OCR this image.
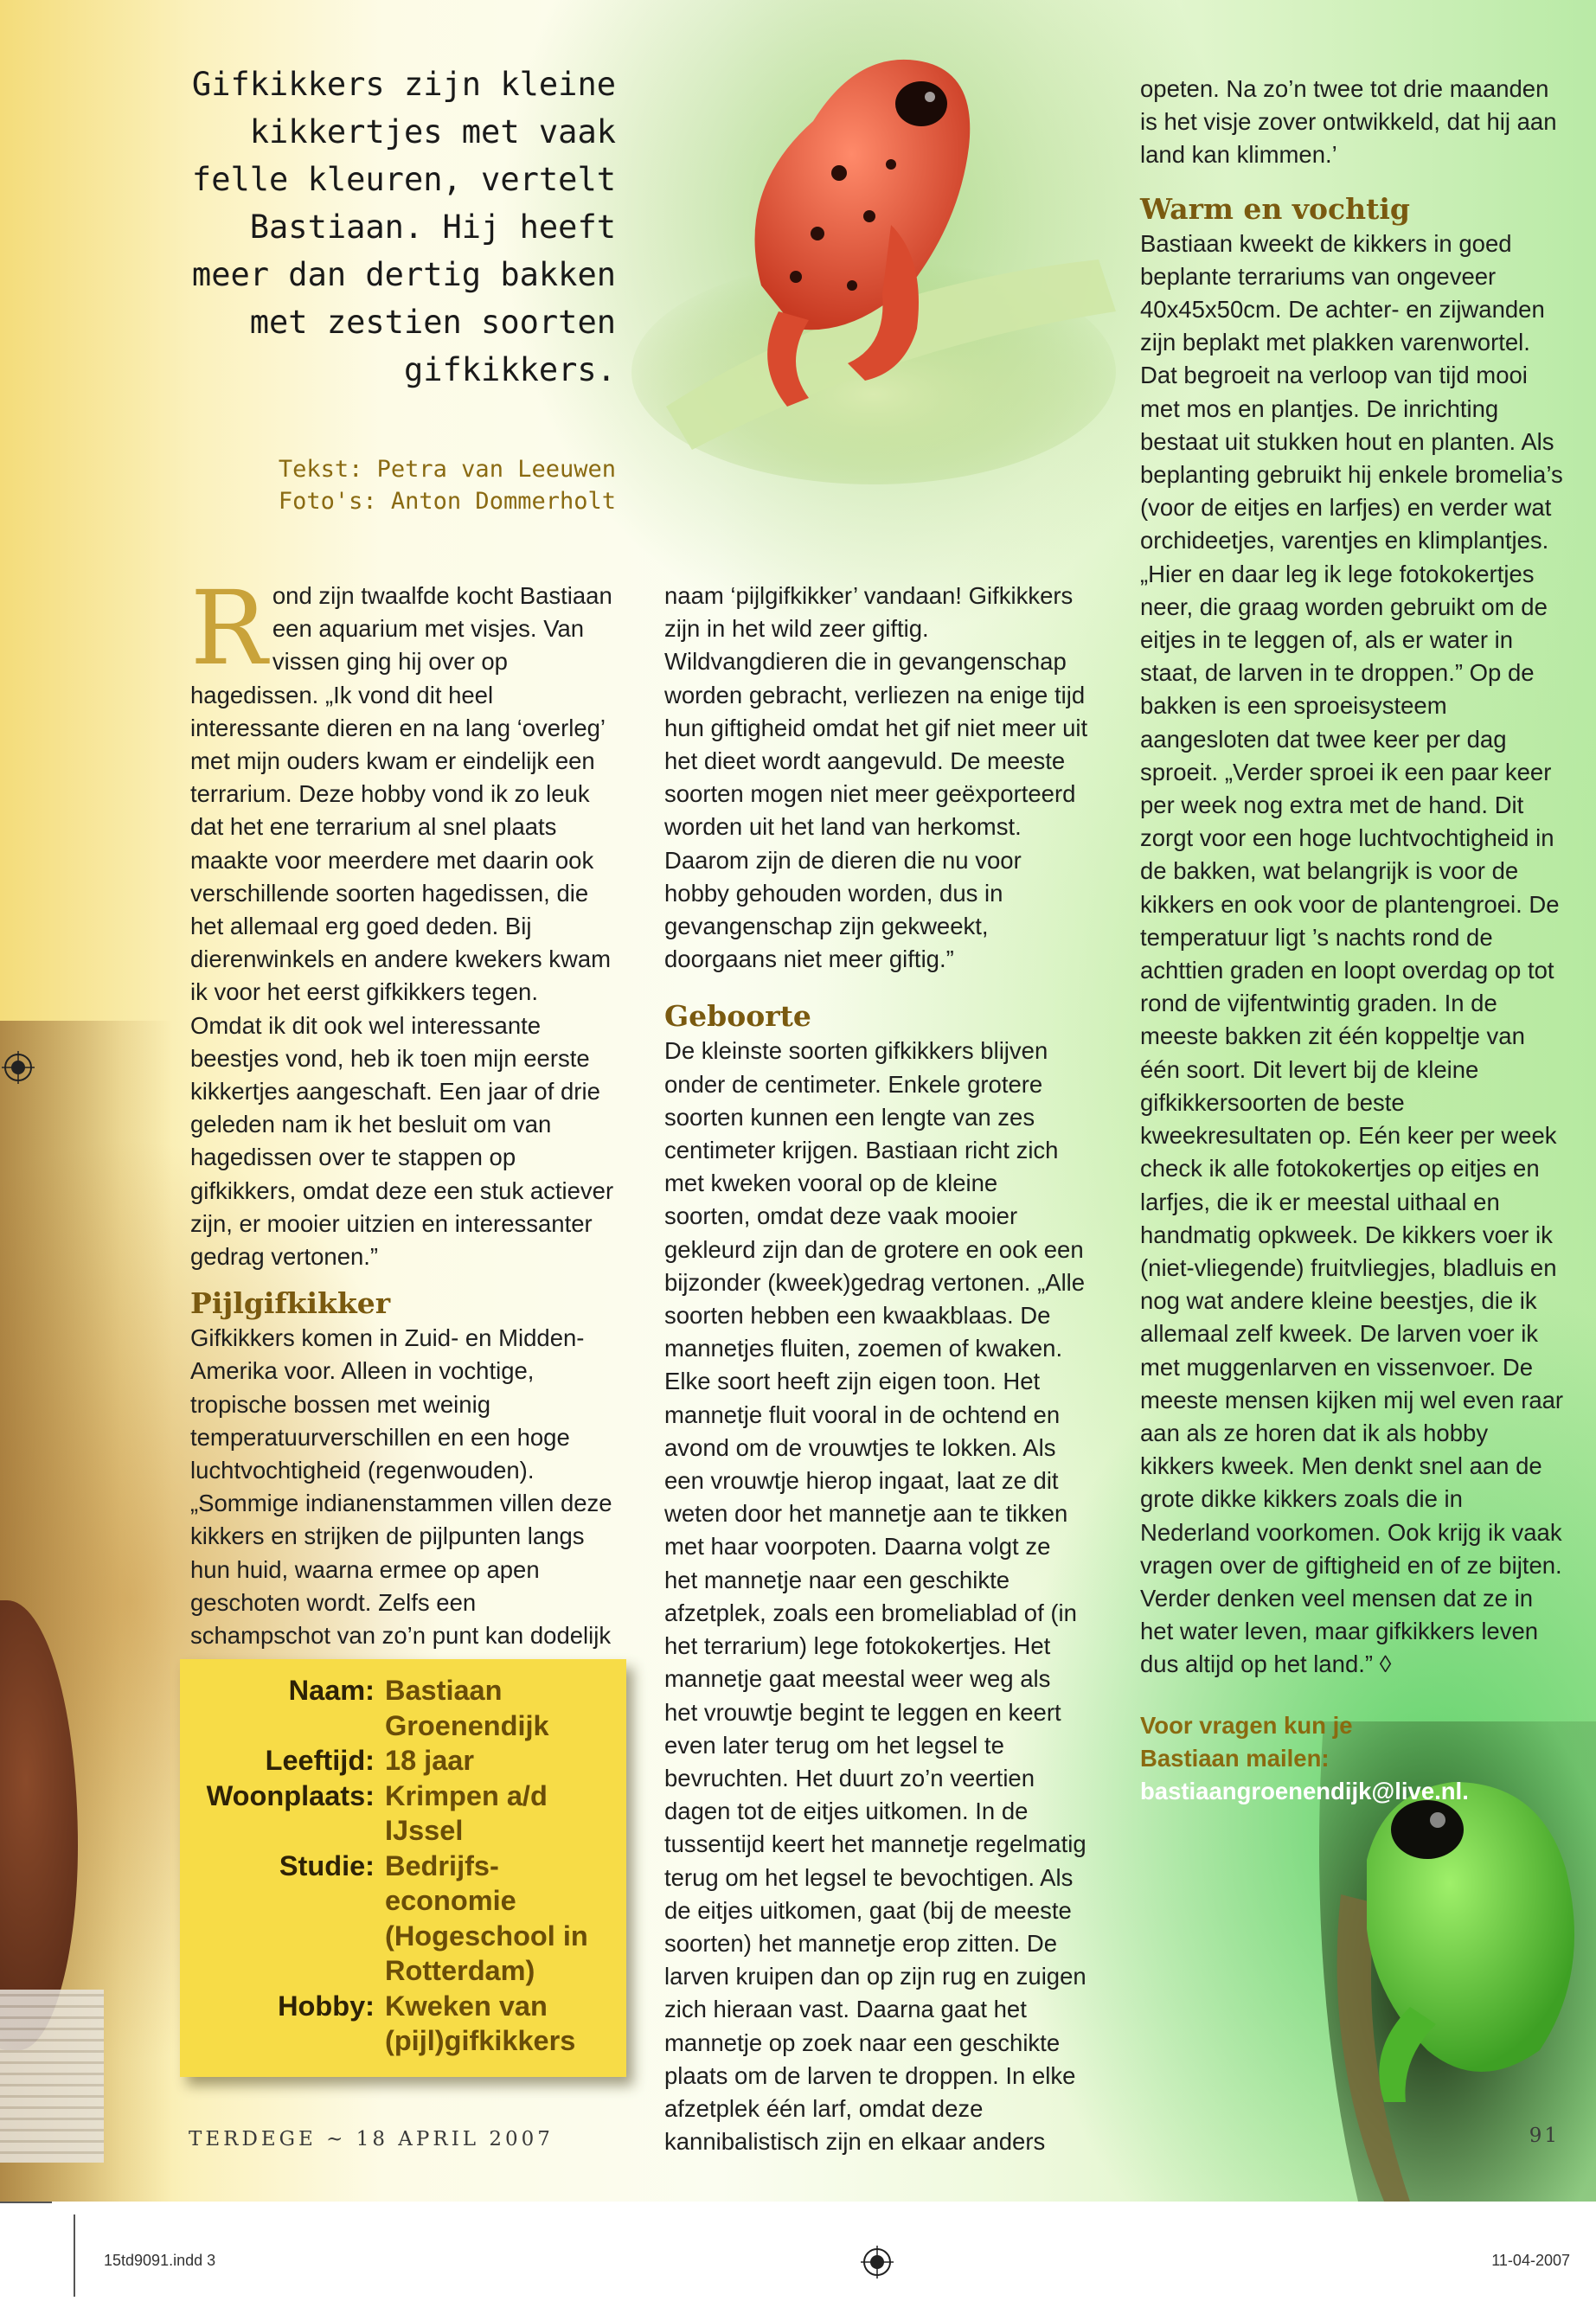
Gifkikkers zijn kleine kikkertjes met vaak felle kleuren, vertelt Bastiaan. Hij heeft meer dan dertig bakken met zestien soorten gifkikkers.
Tekst: Petra van Leeuwen
Foto's: Anton Dommerholt

Rond zijn twaalfde kocht Bastiaan een aquarium met visjes. Van vissen ging hij over op hagedissen. „Ik vond dit heel interessante dieren en na lang ‘overleg’ met mijn ouders kwam er eindelijk een terrarium. Deze hobby vond ik zo leuk dat het ene terrarium al snel plaats maakte voor meerdere met daarin ook verschillende soorten hagedissen, die het allemaal erg goed deden. Bij dierenwinkels en andere kwekers kwam ik voor het eerst gifkikkers tegen. Omdat ik dit ook wel interessante beestjes vond, heb ik toen mijn eerste kikkertjes aangeschaft. Een jaar of drie geleden nam ik het besluit om van hagedissen over te stappen op gifkikkers, omdat deze een stuk actiever zijn, er mooier uitzien en interessanter gedrag vertonen.”

Pijlgifkikker

Gifkikkers komen in Zuid- en Midden-Amerika voor. Alleen in vochtige, tropische bossen met weinig temperatuurverschillen en een hoge luchtvochtigheid (regenwouden). „Sommige indianenstammen villen deze kikkers en strijken de pijlpunten langs hun huid, waarna ermee op apen geschoten wordt. Zelfs een schampschot van zo’n punt kan dodelijk

naam ‘pijlgifkikker’ vandaan! Gifkikkers zijn in het wild zeer giftig. Wildvangdieren die in gevangenschap worden gebracht, verliezen na enige tijd hun giftigheid omdat het gif niet meer uit het dieet wordt aangevuld. De meeste soorten mogen niet meer geëxporteerd worden uit het land van herkomst. Daarom zijn de dieren die nu voor hobby gehouden worden, dus in gevangenschap zijn gekweekt, doorgaans niet meer giftig.”

Geboorte

De kleinste soorten gifkikkers blijven onder de centimeter. Enkele grotere soorten kunnen een lengte van zes centimeter krijgen. Bastiaan richt zich met kweken vooral op de kleine soorten, omdat deze vaak mooier gekleurd zijn dan de grotere en ook een bijzonder (kweek)gedrag vertonen. „Alle soorten hebben een kwaakblaas. De mannetjes fluiten, zoemen of kwaken. Elke soort heeft zijn eigen toon. Het mannetje fluit vooral in de ochtend en avond om de vrouwtjes te lokken. Als een vrouwtje hierop ingaat, laat ze dit weten door het mannetje aan te tikken met haar voorpoten. Daarna volgt ze het mannetje naar een geschikte afzetplek, zoals een bromeliablad of (in het terrarium) lege fotokokertjes. Het mannetje gaat meestal weer weg als het vrouwtje begint te leggen en keert even later terug om het legsel te bevruchten. Het duurt zo’n veertien dagen tot de eitjes uitkomen. In de tussentijd keert het mannetje regelmatig terug om het legsel te bevochtigen. Als de eitjes uitkomen, gaat (bij de meeste soorten) het mannetje erop zitten. De larven kruipen dan op zijn rug en zuigen zich hieraan vast. Daarna gaat het mannetje op zoek naar een geschikte plaats om de larven te droppen. In elke afzetplek één larf, omdat deze kannibalistisch zijn en elkaar anders

opeten. Na zo’n twee tot drie maanden is het visje zover ontwikkeld, dat hij aan land kan klimmen.’

Warm en vochtig

Bastiaan kweekt de kikkers in goed beplante terrariums van ongeveer 40x45x50cm. De achter- en zijwanden zijn beplakt met plakken varenwortel. Dat begroeit na verloop van tijd mooi met mos en plantjes. De inrichting bestaat uit stukken hout en planten. Als beplanting gebruikt hij enkele bromelia’s (voor de eitjes en larfjes) en verder wat orchideetjes, varentjes en klimplantjes. „Hier en daar leg ik lege fotokokertjes neer, die graag worden gebruikt om de eitjes in te leggen of, als er water in staat, de larven in te droppen.” Op de bakken is een sproeisysteem aangesloten dat twee keer per dag sproeit. „Verder sproei ik een paar keer per week nog extra met de hand. Dit zorgt voor een hoge luchtvochtigheid in de bakken, wat belangrijk is voor de kikkers en ook voor de plantengroei. De temperatuur ligt ’s nachts rond de achttien graden en loopt overdag op tot rond de vijfentwintig graden. In de meeste bakken zit één koppeltje van één soort. Dit levert bij de kleine gifkikkersoorten de beste kweekresultaten op. Eén keer per week check ik alle fotokokertjes op eitjes en larfjes, die ik er meestal uithaal en handmatig opkweek. De kikkers voer ik (niet-vliegende) fruitvliegjes, bladluis en nog wat andere kleine beestjes, die ik allemaal zelf kweek. De larven voer ik met muggenlarven en vissenvoer. De meeste mensen kijken mij wel even raar aan als ze horen dat ik als hobby kikkers kweek. Men denkt snel aan de grote dikke kikkers zoals die in Nederland voorkomen. Ook krijg ik vaak vragen over de giftigheid en of ze bijten. Verder denken veel mensen dat ze in het water leven, maar gifkikkers leven dus altijd op het land.” ◊

Voor vragen kun je
Bastiaan mailen:
bastiaangroenendijk@live.nl.
Naam: Bastiaan Groenendijk
Leeftijd: 18 jaar
Woonplaats: Krimpen a/d IJssel
Studie: Bedrijfs-economie (Hogeschool in Rotterdam)
Hobby: Kweken van (pijl)gifkikkers
TERDEGE ~ 18 APRIL 2007	91
15td9091.indd 3	11-04-2007
